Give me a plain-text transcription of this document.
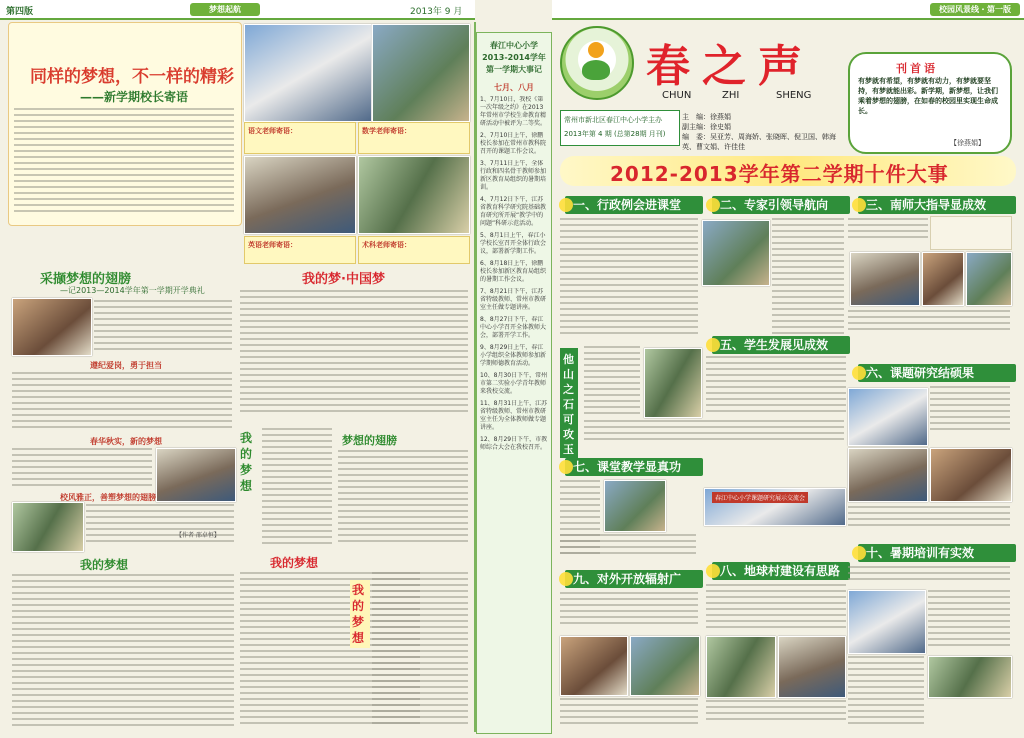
第四版	梦想起航	2013年 9 月
同样的梦想，不一样的精彩
——新学期校长寄语
语文老师寄语：	数学老师寄语：
英语老师寄语：	术科老师寄语：
采撷梦想的翅膀
—记2013—2014学年第一学期开学典礼
遵纪爱岗，勇于担当
春华秋实，新的梦想
校风雅正，善塑梦想的翅膀
【作者 邵卓恒】
我的梦想
我的梦·中国梦
我的梦想
梦想的翅膀
我的梦想
我的梦想
春江中心小学
2013-2014学年
第一学期大事记
七月、八月
1、7月10日，我校《第一次年级之约》在2013年常州市学校生命教育精研活动中被评为二等奖。
2、7月10日上午，徐鹏校长参加在常州市教科院召开的课题工作会议。
3、7月11日上午，全体行政和四名骨干教师参加新区教育局组织的暑期培训。
4、7月12日下午，江苏省教育科学研究院基础教育研究所开展“教学中的问题”科研示范活动。
5、8月1日上午，春江小学校长室召开全体行政会议，部署新学期工作。
6、8月18日上午，徐鹏校长参加新区教育局组织的暑期工作会议。
7、8月21日下午，江苏省特级教师、常州市教研室主任做专题讲座。
8、8月27日下午，春江中心小学召开全体教师大会，部署开学工作。
9、8月29日上午，春江小学组织全体教师参加新学期师德教育活动。
10、8月30日下午，常州市第二实验小学青年教师来我校交流。
11、8月31日上午，江苏省特级教师、常州市教研室主任为全体教师做专题讲座。
12、8月29日下午，市教师综合大会在我校召开。
校园风景线・第一版
春之声
CHUN	ZHI	SHENG
常州市新北区春江中心小学主办
2013年第 4 期 (总第28期 月刊)
主　编：徐燕娟
副主编：徐史娟
编　委：吴亚芳、周海娇、张晓晖、倪卫国、韩海英、曹文娟、许佳佳
刊首语
有梦就有希望，有梦就有动力，有梦就要坚持，有梦就能出彩。新学期，新梦想，让我们乘着梦想的翅膀，在如春的校园里实现生命成长。
【徐燕娟】
2012-2013学年第二学期十件大事
一、行政例会进课堂	二、专家引领导航向	三、南师大指导显成效
他山之石可攻玉
五、学生发展见成效
六、课题研究结硕果
七、课堂教学显真功
春江中心小学课题研究展示交流会
八、地球村建设有思路
九、对外开放辐射广
十、暑期培训有实效
